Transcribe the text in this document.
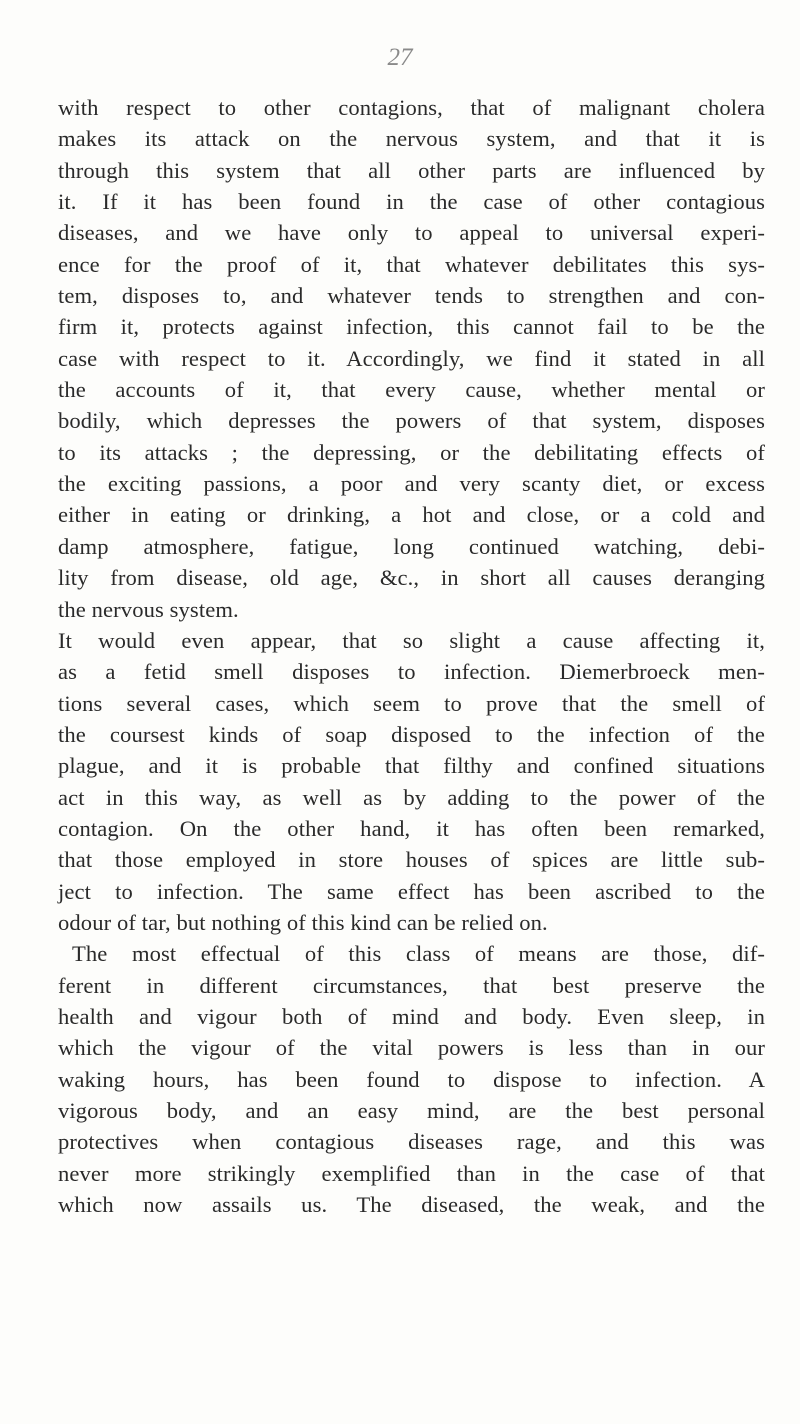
27
with respect to other contagions, that of malignant cholera
makes its attack on the nervous system, and that it is
through this system that all other parts are influenced by
it. If it has been found in the case of other contagious
diseases, and we have only to appeal to universal experi-
ence for the proof of it, that whatever debilitates this sys-
tem, disposes to, and whatever tends to strengthen and con-
firm it, protects against infection, this cannot fail to be the
case with respect to it. Accordingly, we find it stated in all
the accounts of it, that every cause, whether mental or
bodily, which depresses the powers of that system, disposes
to its attacks ; the depressing, or the debilitating effects of
the exciting passions, a poor and very scanty diet, or excess
either in eating or drinking, a hot and close, or a cold and
damp atmosphere, fatigue, long continued watching, debi-
lity from disease, old age, &c., in short all causes deranging
the nervous system.
It would even appear, that so slight a cause affecting it,
as a fetid smell disposes to infection. Diemerbroeck men-
tions several cases, which seem to prove that the smell of
the coursest kinds of soap disposed to the infection of the
plague, and it is probable that filthy and confined situations
act in this way, as well as by adding to the power of the
contagion. On the other hand, it has often been remarked,
that those employed in store houses of spices are little sub-
ject to infection. The same effect has been ascribed to the
odour of tar, but nothing of this kind can be relied on.
The most effectual of this class of means are those, dif-
ferent in different circumstances, that best preserve the
health and vigour both of mind and body. Even sleep, in
which the vigour of the vital powers is less than in our
waking hours, has been found to dispose to infection. A
vigorous body, and an easy mind, are the best personal
protectives when contagious diseases rage, and this was
never more strikingly exemplified than in the case of that
which now assails us. The diseased, the weak, and the
